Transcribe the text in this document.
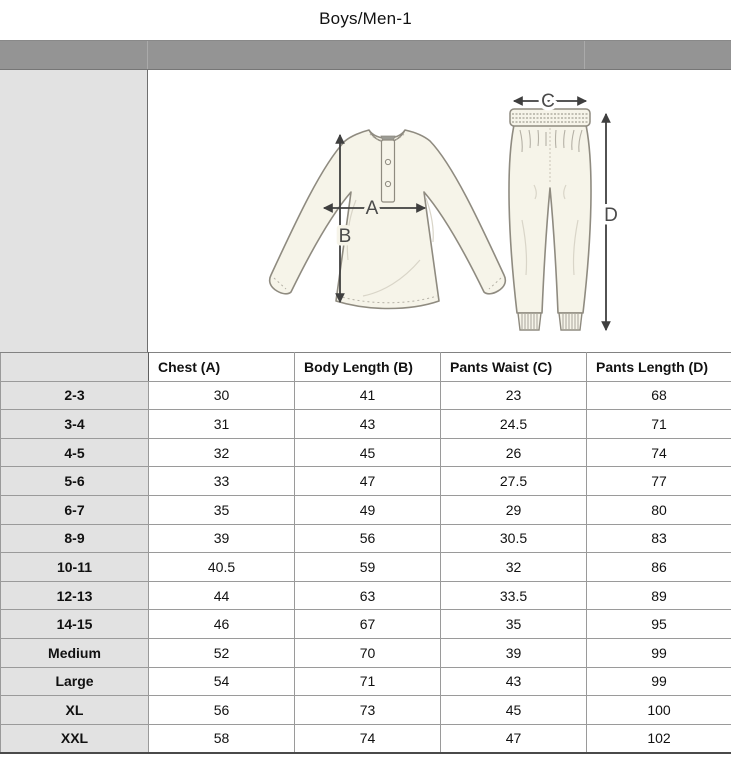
Boys/Men-1
A
B
C
D
	Chest (A)	Body Length (B)	Pants Waist (C)	Pants Length (D)
2-3	30	41	23	68
3-4	31	43	24.5	71
4-5	32	45	26	74
5-6	33	47	27.5	77
6-7	35	49	29	80
8-9	39	56	30.5	83
10-11	40.5	59	32	86
12-13	44	63	33.5	89
14-15	46	67	35	95
Medium	52	70	39	99
Large	54	71	43	99
XL	56	73	45	100
XXL	58	74	47	102
